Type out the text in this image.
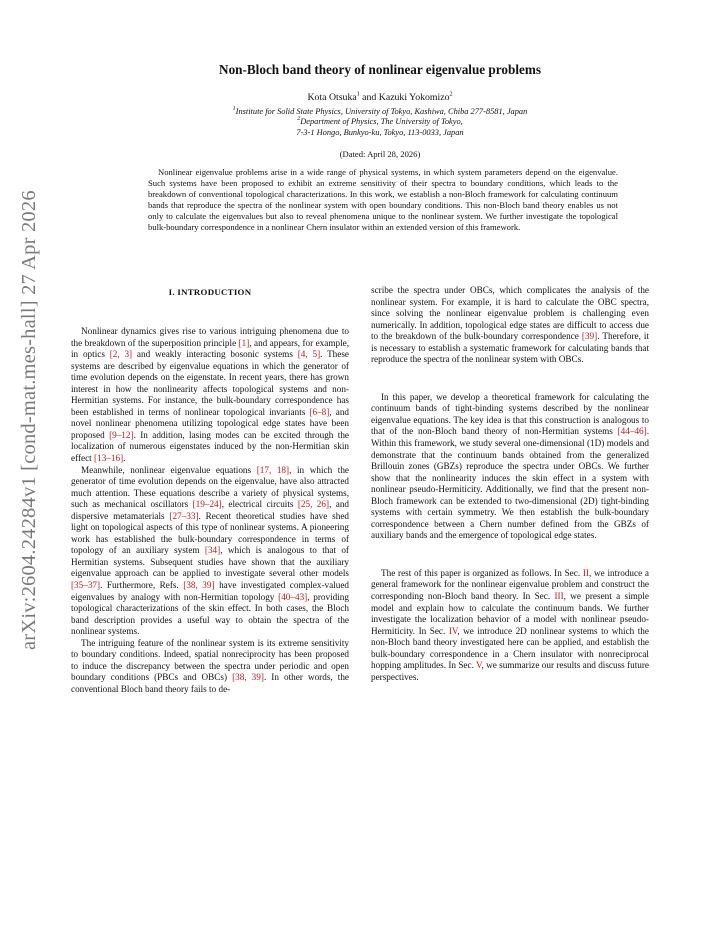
arXiv:2604.24284v1 [cond-mat.mes-hall] 27 Apr 2026
Non-Bloch band theory of nonlinear eigenvalue problems
Kota Otsuka$^1$ and Kazuki Yokomizo$^2$
$^1$Institute for Solid State Physics, University of Tokyo, Kashiwa, Chiba 277-8581, Japan
$^2$Department of Physics, The University of Tokyo,
7-3-1 Hongo, Bunkyo-ku, Tokyo, 113-0033, Japan
(Dated: April 28, 2026)
Nonlinear eigenvalue problems arise in a wide range of physical systems, in which system parameters depend on the eigenvalue. Such systems have been proposed to exhibit an extreme sensitivity of their spectra to boundary conditions, which leads to the breakdown of conventional topological characterizations. In this work, we establish a non-Bloch framework for calculating continuum bands that reproduce the spectra of the nonlinear system with open boundary conditions. This non-Bloch band theory enables us not only to calculate the eigenvalues but also to reveal phenomena unique to the nonlinear system. We further investigate the topological bulk-boundary correspondence in a nonlinear Chern insulator within an extended version of this framework.
I. INTRODUCTION

Nonlinear dynamics gives rise to various intriguing phenomena due to the breakdown of the superposition principle [1], and appears, for example, in optics [2, 3] and weakly interacting bosonic systems [4, 5]. These systems are described by eigenvalue equations in which the generator of time evolution depends on the eigenstate. In recent years, there has grown interest in how the nonlinearity affects topological systems and non-Hermitian systems. For instance, the bulk-boundary correspondence has been established in terms of nonlinear topological invariants [6–8], and novel nonlinear phenomena utilizing topological edge states have been proposed [9–12]. In addition, lasing modes can be excited through the localization of numerous eigenstates induced by the non-Hermitian skin effect [13–16].

Meanwhile, nonlinear eigenvalue equations [17, 18], in which the generator of time evolution depends on the eigenvalue, have also attracted much attention. These equations describe a variety of physical systems, such as mechanical oscillators [19–24], electrical circuits [25, 26], and dispersive metamaterials [27–33]. Recent theoretical studies have shed light on topological aspects of this type of nonlinear systems. A pioneering work has established the bulk-boundary correspondence in terms of topology of an auxiliary system [34], which is analogous to that of Hermitian systems. Subsequent studies have shown that the auxiliary eigenvalue approach can be applied to investigate several other models [35–37]. Furthermore, Refs. [38, 39] have investigated complex-valued eigenvalues by analogy with non-Hermitian topology [40–43], providing topological characterizations of the skin effect. In both cases, the Bloch band description provides a useful way to obtain the spectra of the nonlinear systems.

The intriguing feature of the nonlinear system is its extreme sensitivity to boundary conditions. Indeed, spatial nonreciprocity has been proposed to induce the discrepancy between the spectra under periodic and open boundary conditions (PBCs and OBCs) [38, 39]. In other words, the conventional Bloch band theory fails to de-

scribe the spectra under OBCs, which complicates the analysis of the nonlinear system. For example, it is hard to calculate the OBC spectra, since solving the nonlinear eigenvalue problem is challenging even numerically. In addition, topological edge states are difficult to access due to the breakdown of the bulk-boundary correspondence [39]. Therefore, it is necessary to establish a systematic framework for calculating bands that reproduce the spectra of the nonlinear system with OBCs.

In this paper, we develop a theoretical framework for calculating the continuum bands of tight-binding systems described by the nonlinear eigenvalue equations. The key idea is that this construction is analogous to that of the non-Bloch band theory of non-Hermitian systems [44–46]. Within this framework, we study several one-dimensional (1D) models and demonstrate that the continuum bands obtained from the generalized Brillouin zones (GBZs) reproduce the spectra under OBCs. We further show that the nonlinearity induces the skin effect in a system with nonlinear pseudo-Hermiticity. Additionally, we find that the present non-Bloch framework can be extended to two-dimensional (2D) tight-binding systems with certain symmetry. We then establish the bulk-boundary correspondence between a Chern number defined from the GBZs of auxiliary bands and the emergence of topological edge states.

The rest of this paper is organized as follows. In Sec. II, we introduce a general framework for the nonlinear eigenvalue problem and construct the corresponding non-Bloch band theory. In Sec. III, we present a simple model and explain how to calculate the continuum bands. We further investigate the localization behavior of a model with nonlinear pseudo-Hermiticity. In Sec. IV, we introduce 2D nonlinear systems to which the non-Bloch band theory investigated here can be applied, and establish the bulk-boundary correspondence in a Chern insulator with nonreciprocal hopping amplitudes. In Sec. V, we summarize our results and discuss future perspectives.
